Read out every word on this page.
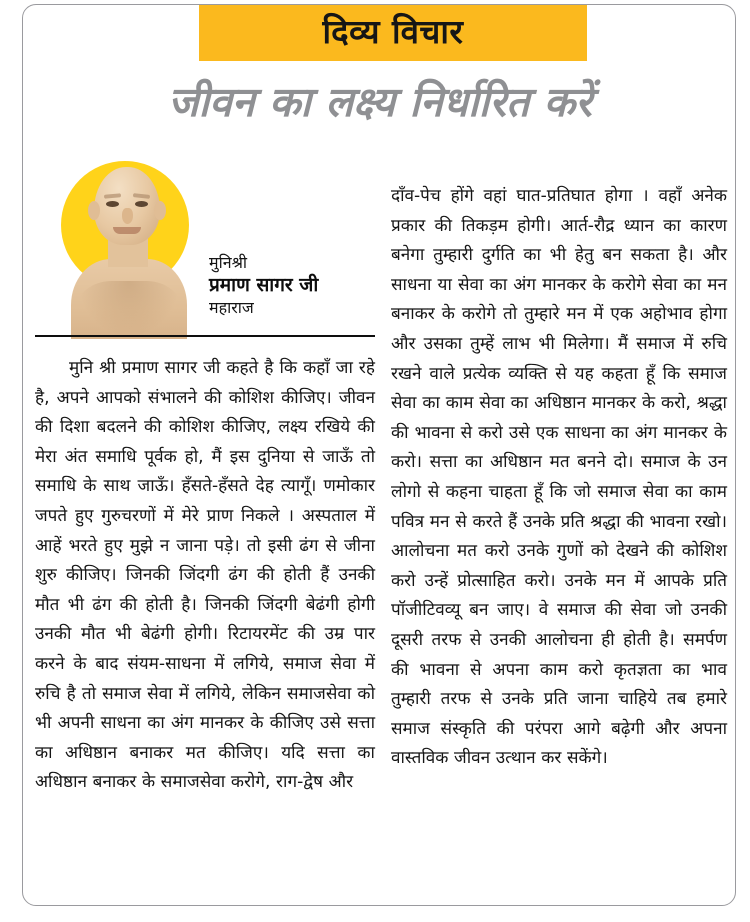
दिव्य विचार
जीवन का लक्ष्य निर्धारित करें
मुनिश्री
प्रमाण सागर जी
महाराज

मुनि श्री प्रमाण सागर जी कहते है कि कहाँ जा रहे है, अपने आपको संभालने की कोशिश कीजिए। जीवन की दिशा बदलने की कोशिश कीजिए, लक्ष्य रखिये की मेरा अंत समाधि पूर्वक हो, मैं इस दुनिया से जाऊँ तो समाधि के साथ जाऊँ। हँसते-हँसते देह त्यागूँ। णमोकार जपते हुए गुरुचरणों में मेरे प्राण निकले । अस्पताल में आहें भरते हुए मुझे न जाना पड़े। तो इसी ढंग से जीना शुरु कीजिए। जिनकी जिंदगी ढंग की होती हैं उनकी मौत भी ढंग की होती है। जिनकी जिंदगी बेढंगी होगी उनकी मौत भी बेढंगी होगी। रिटायरमेंट की उम्र पार करने के बाद संयम-साधना में लगिये, समाज सेवा में रुचि है तो समाज सेवा में लगिये, लेकिन समाजसेवा को भी अपनी साधना का अंग मानकर के कीजिए उसे सत्ता का अधिष्ठान बनाकर मत कीजिए। यदि सत्ता का अधिष्ठान बनाकर के समाजसेवा करोगे, राग-द्वेष और

दाँव-पेच होंगे वहां घात-प्रतिघात होगा । वहाँ अनेक प्रकार की तिकड़म होगी। आर्त-रौद्र ध्यान का कारण बनेगा तुम्हारी दुर्गति का भी हेतु बन सकता है। और साधना या सेवा का अंग मानकर के करोगे सेवा का मन बनाकर के करोगे तो तुम्हारे मन में एक अहोभाव होगा और उसका तुम्हें लाभ भी मिलेगा। मैं समाज में रुचि रखने वाले प्रत्येक व्यक्ति से यह कहता हूँ कि समाज सेवा का काम सेवा का अधिष्ठान मानकर के करो, श्रद्धा की भावना से करो उसे एक साधना का अंग मानकर के करो। सत्ता का अधिष्ठान मत बनने दो। समाज के उन लोगो से कहना चाहता हूँ कि जो समाज सेवा का काम पवित्र मन से करते हैं उनके प्रति श्रद्धा की भावना रखो। आलोचना मत करो उनके गुणों को देखने की कोशिश करो उन्हें प्रोत्साहित करो। उनके मन में आपके प्रति पॉजीटिवव्यू बन जाए। वे समाज की सेवा जो उनकी दूसरी तरफ से उनकी आलोचना ही होती है। समर्पण की भावना से अपना काम करो कृतज्ञता का भाव तुम्हारी तरफ से उनके प्रति जाना चाहिये तब हमारे समाज संस्कृति की परंपरा आगे बढ़ेगी और अपना वास्तविक जीवन उत्थान कर सकेंगे।
